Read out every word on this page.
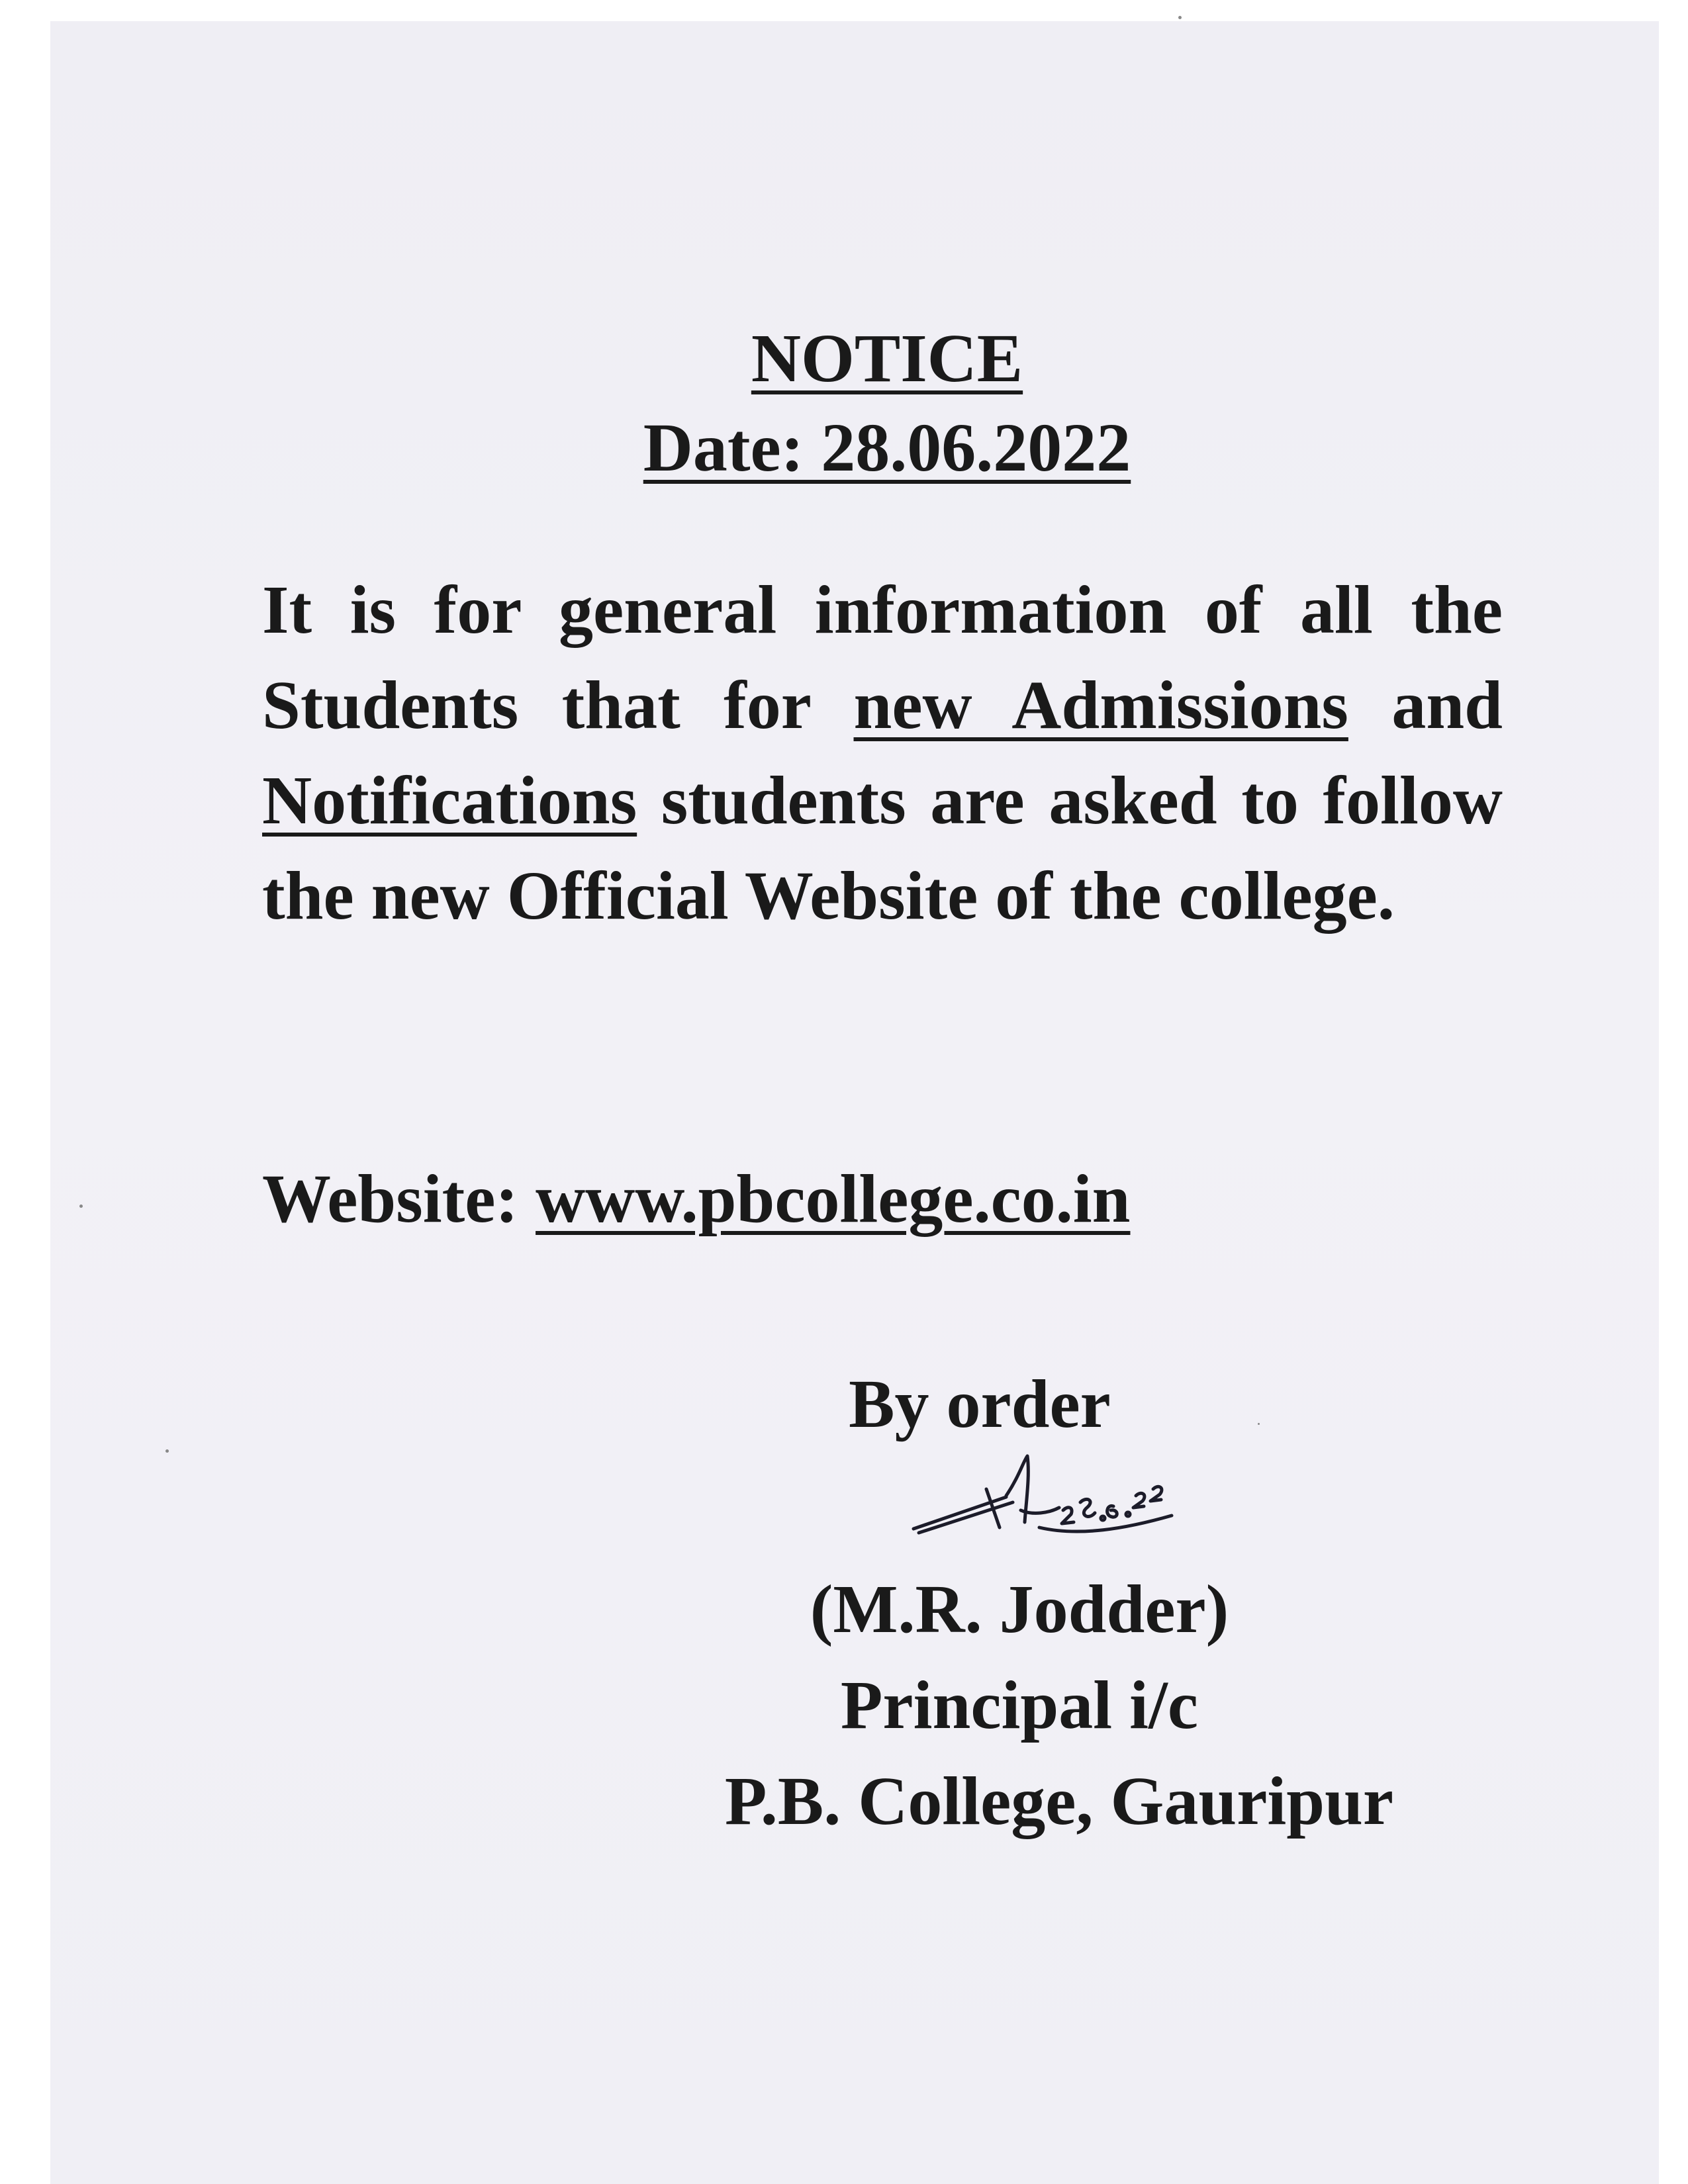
NOTICE
Date: 28.06.2022
It is for general information of all the Students that for new Admissions and Notifications students are asked to follow the new Official Website of the college.
Website: www.pbcollege.co.in
By order
(M.R. Jodder)
Principal i/c
P.B. College, Gauripur
